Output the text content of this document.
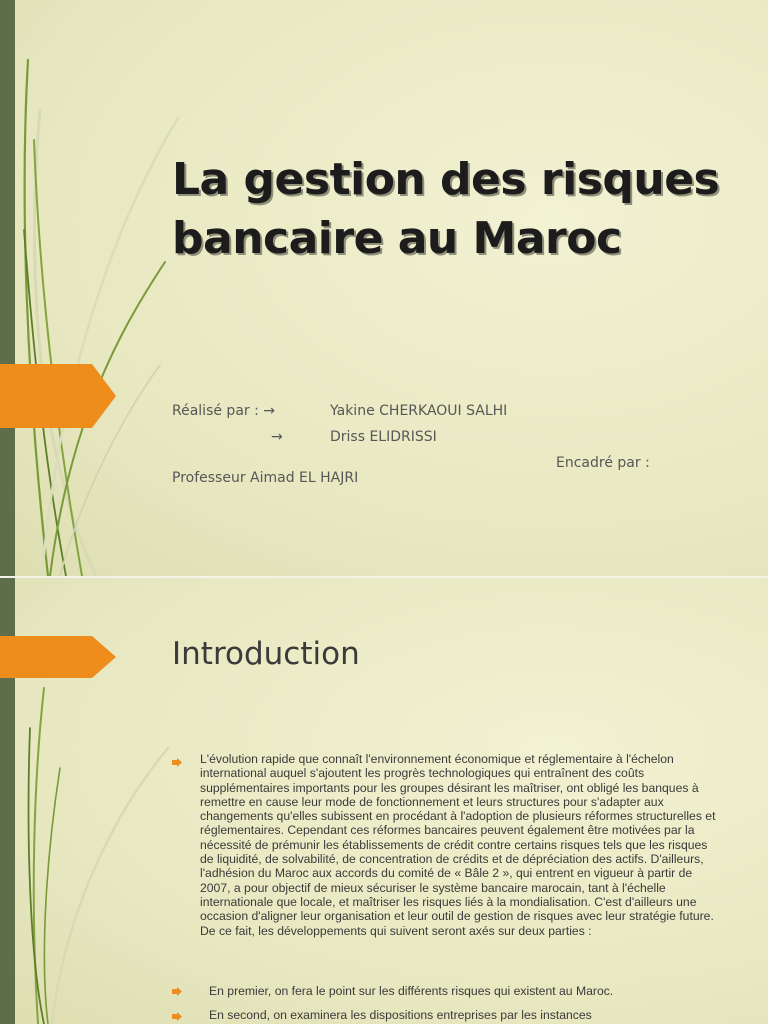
La gestion des risques bancaire au Maroc
Réalisé par : →	Yakine CHERKAOUI SALHI
→	Driss ELIDRISSI
Encadré par :
Professeur Aimad EL HAJRI
Introduction

L'évolution rapide que connaît l'environnement économique et réglementaire à l'échelon international auquel s'ajoutent les progrès technologiques qui entraînent des coûts supplémentaires importants pour les groupes désirant les maîtriser, ont obligé les banques à remettre en cause leur mode de fonctionnement et leurs structures pour s'adapter aux changements qu'elles subissent en procédant à l'adoption de plusieurs réformes structurelles et réglementaires. Cependant ces réformes bancaires peuvent également être motivées par la nécessité de prémunir les établissements de crédit contre certains risques tels que les risques de liquidité, de solvabilité, de concentration de crédits et de dépréciation des actifs. D'ailleurs, l'adhésion du Maroc aux accords du comité de « Bâle 2 », qui entrent en vigueur à partir de 2007, a pour objectif de mieux sécuriser le système bancaire marocain, tant à l'échelle internationale que locale, et maîtriser les risques liés à la mondialisation. C'est d'ailleurs une occasion d'aligner leur organisation et leur outil de gestion de risques avec leur stratégie future. De ce fait, les développements qui suivent seront axés sur deux parties :

En premier, on fera le point sur les différents risques qui existent au Maroc.
En second, on examinera les dispositions entreprises par les instances
